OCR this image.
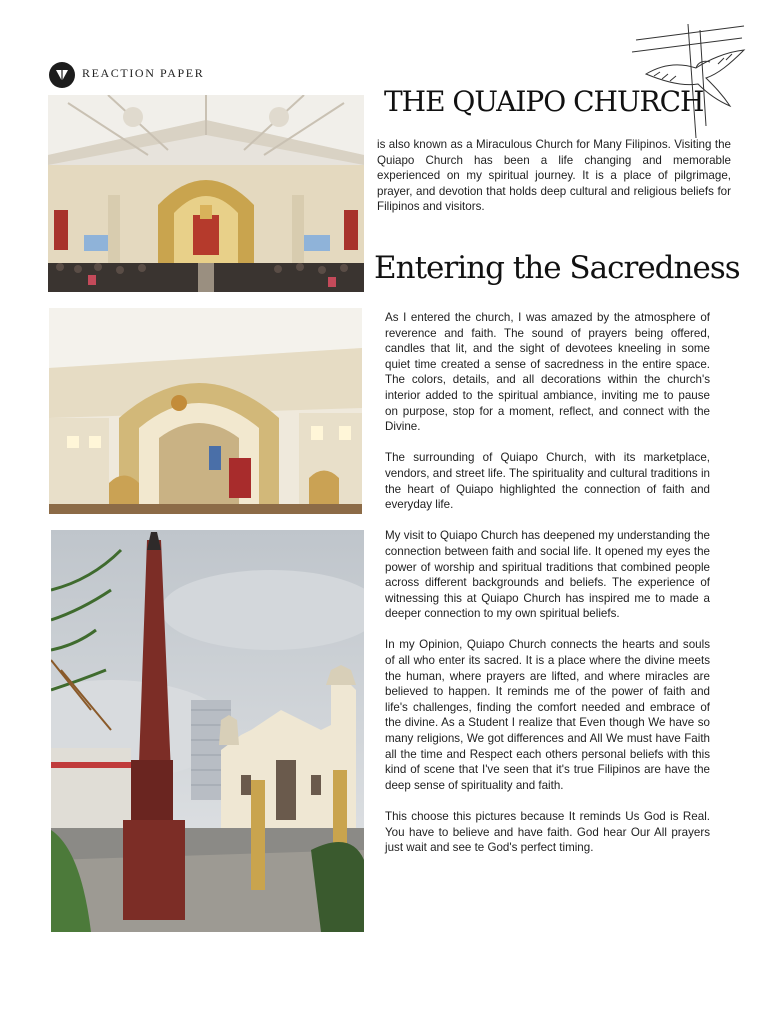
REACTION PAPER
THE QUAIPO CHURCH

is also known as a Miraculous Church for Many Filipinos. Visiting the Quiapo Church has been a life changing and memorable experienced on my spiritual journey. It is a place of pilgrimage, prayer, and devotion that holds deep cultural and religious beliefs for Filipinos and visitors.

Entering the Sacredness

As I entered the church, I was amazed by the atmosphere of reverence and faith. The sound of prayers being offered, candles that lit, and the sight of devotees kneeling in some quiet time created a sense of sacredness in the entire space. The colors, details, and all decorations within the church's interior added to the spiritual ambiance, inviting me to pause on purpose, stop for a moment, reflect, and connect with the Divine.

The surrounding of Quiapo Church, with its marketplace, vendors, and street life. The spirituality and cultural traditions in the heart of Quiapo highlighted the connection of faith and everyday life.

My visit to Quiapo Church has deepened my understanding the connection between faith and social life. It opened my eyes the power of worship and spiritual traditions that combined people across different backgrounds and beliefs. The experience of witnessing this at Quiapo Church has inspired me to made a deeper connection to my own spiritual beliefs.

In my Opinion, Quiapo Church connects the hearts and souls of all who enter its sacred. It is a place where the divine meets the human, where prayers are lifted, and where miracles are believed to happen. It reminds me of the power of faith and life's challenges, finding the comfort needed and embrace of the divine. As a Student I realize that Even though We have so many religions, We got differences and All We must have Faith all the time and Respect each others personal beliefs with this kind of scene that I've seen that it's true Filipinos are have the deep sense of spirituality and faith.

This choose this pictures because It reminds Us God is Real. You have to believe and have faith. God hear Our All prayers just wait and see te God's perfect timing.
